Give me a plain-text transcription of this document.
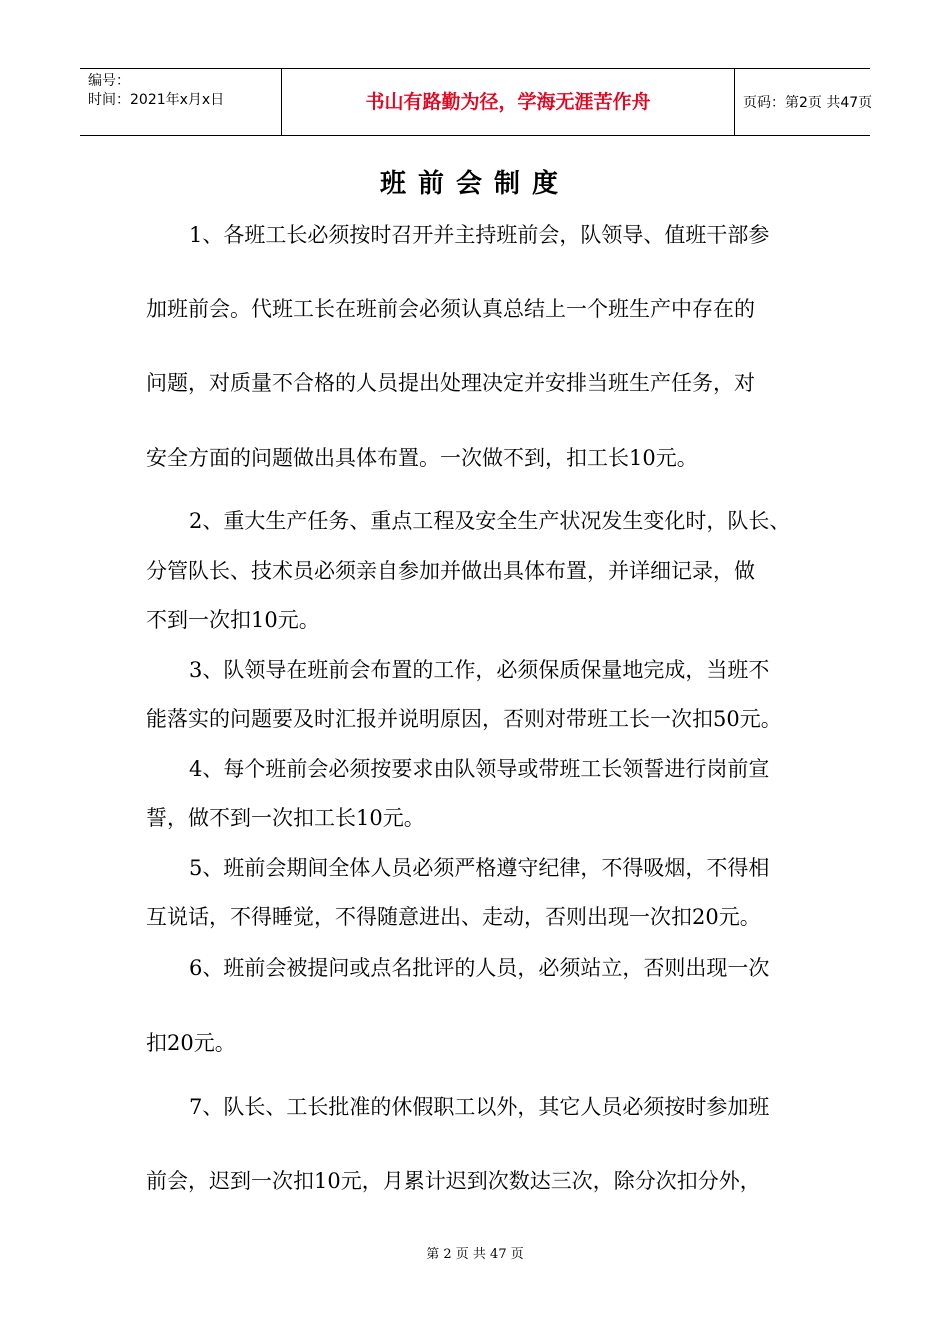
编号：
时间：2021年x月x日	书山有路勤为径，学海无涯苦作舟	页码：第2页 共47页
班前会制度
1、各班工长必须按时召开并主持班前会，队领导、值班干部参
加班前会。代班工长在班前会必须认真总结上一个班生产中存在的
问题，对质量不合格的人员提出处理决定并安排当班生产任务，对
安全方面的问题做出具体布置。一次做不到，扣工长10元。
2、重大生产任务、重点工程及安全生产状况发生变化时，队长、
分管队长、技术员必须亲自参加并做出具体布置，并详细记录，做
不到一次扣10元。
3、队领导在班前会布置的工作，必须保质保量地完成，当班不
能落实的问题要及时汇报并说明原因，否则对带班工长一次扣50元。
4、每个班前会必须按要求由队领导或带班工长领誓进行岗前宣
誓，做不到一次扣工长10元。
5、班前会期间全体人员必须严格遵守纪律，不得吸烟，不得相
互说话，不得睡觉，不得随意进出、走动，否则出现一次扣20元。
6、班前会被提问或点名批评的人员，必须站立，否则出现一次
扣20元。
7、队长、工长批准的休假职工以外，其它人员必须按时参加班
前会，迟到一次扣10元，月累计迟到次数达三次，除分次扣分外，
第 2 页 共 47 页
